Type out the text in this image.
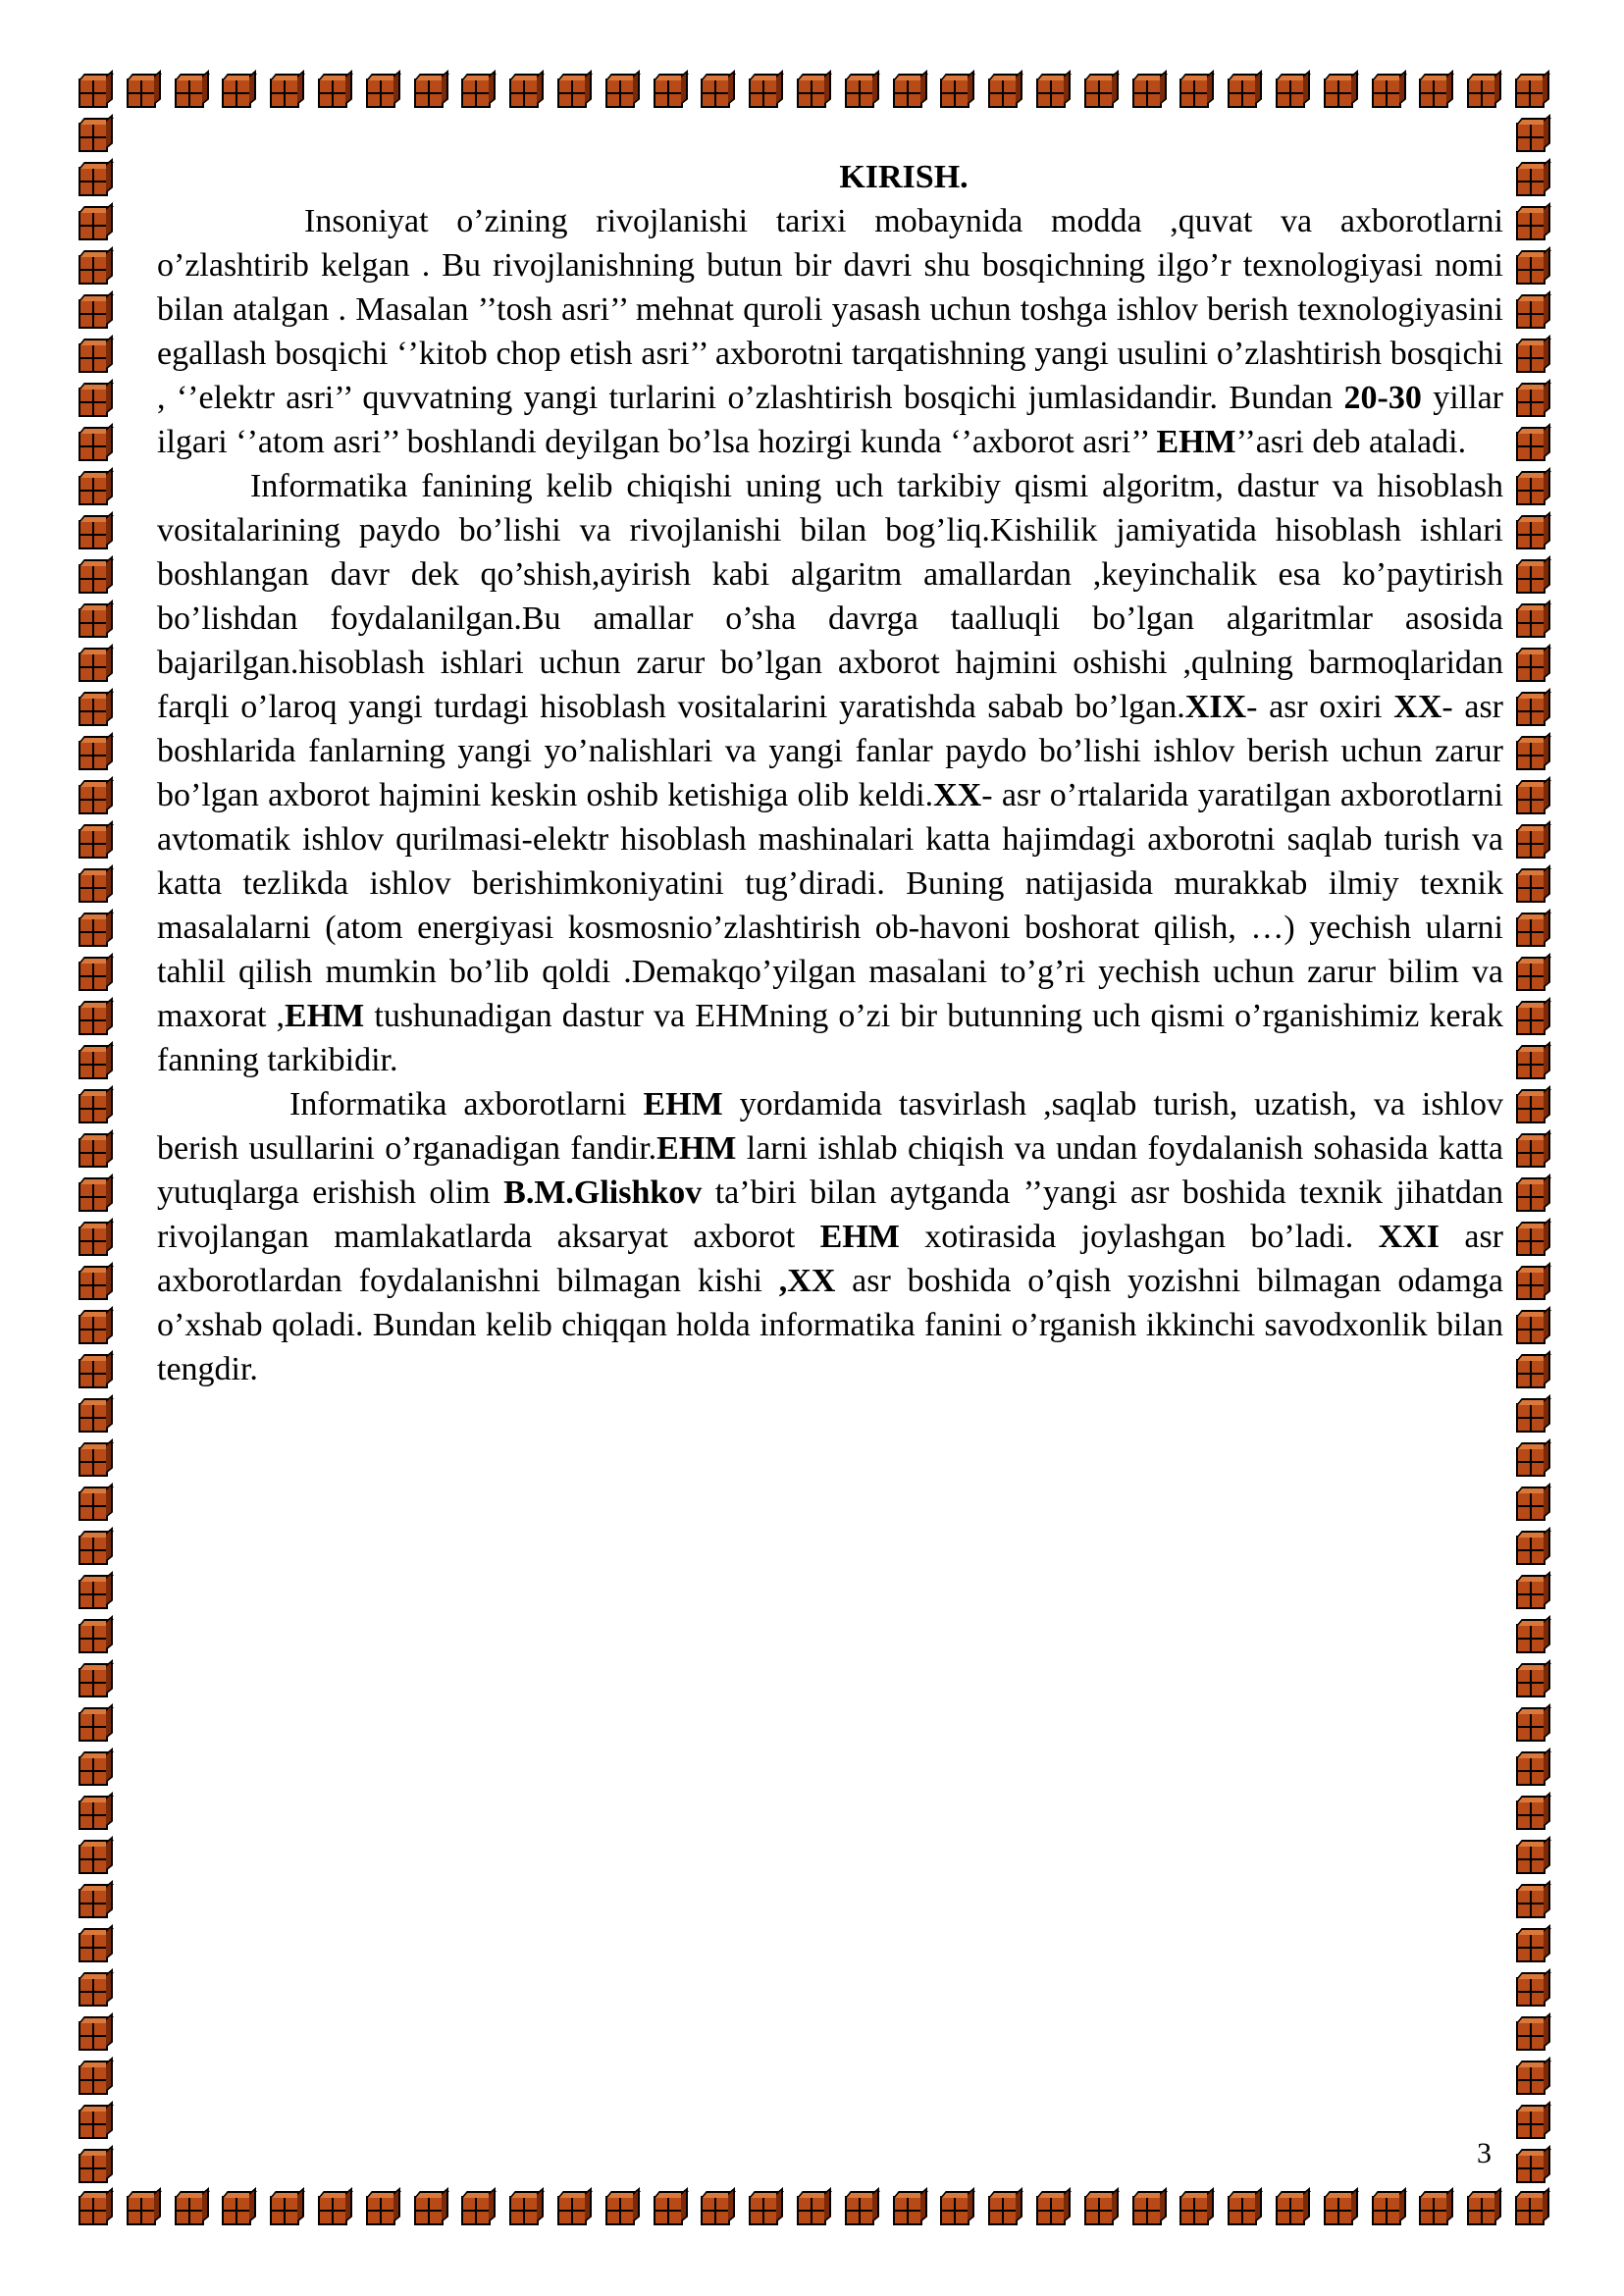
KIRISH.

Insoniyat o’zining rivojlanishi tarixi mobaynida modda ,quvat va axborotlarni o’zlashtirib kelgan . Bu rivojlanishning butun bir davri shu bosqichning ilgo’r texnologiyasi nomi bilan atalgan . Masalan ’’tosh asri’’ mehnat quroli yasash uchun toshga ishlov berish texnologiyasini egallash bosqichi ‘’kitob chop etish asri’’ axborotni tarqatishning yangi usulini o’zlashtirish bosqichi , ‘’elektr asri’’ quvvatning yangi turlarini o’zlashtirish bosqichi jumlasidandir. Bundan 20-30 yillar ilgari ‘’atom asri’’ boshlandi deyilgan bo’lsa hozirgi kunda ‘’axborot asri’’ EHM’’asri deb ataladi.

Informatika fanining kelib chiqishi uning uch tarkibiy qismi algoritm, dastur va hisoblash vositalarining paydo bo’lishi va rivojlanishi bilan bog’liq.Kishilik jamiyatida hisoblash ishlari boshlangan davr dek qo’shish,ayirish kabi algaritm amallardan ,keyinchalik esa ko’paytirish bo’lishdan foydalanilgan.Bu amallar o’sha davrga taalluqli bo’lgan algaritmlar asosida bajarilgan.hisoblash ishlari uchun zarur bo’lgan axborot hajmini oshishi ,qulning barmoqlaridan farqli o’laroq yangi turdagi hisoblash vositalarini yaratishda sabab bo’lgan.XIX- asr oxiri XX- asr boshlarida fanlarning yangi yo’nalishlari va yangi fanlar paydo bo’lishi ishlov berish uchun zarur bo’lgan axborot hajmini keskin oshib ketishiga olib keldi.XX- asr o’rtalarida yaratilgan axborotlarni avtomatik ishlov qurilmasi-elektr hisoblash mashinalari katta hajimdagi axborotni saqlab turish va katta tezlikda ishlov berishimkoniyatini tug’diradi. Buning natijasida murakkab ilmiy texnik masalalarni (atom energiyasi kosmosnio’zlashtirish ob-havoni boshorat qilish, …) yechish ularni tahlil qilish mumkin bo’lib qoldi .Demakqo’yilgan masalani to’g’ri yechish uchun zarur bilim va maxorat ,EHM tushunadigan dastur va EHMning o’zi bir butunning uch qismi o’rganishimiz kerak fanning tarkibidir.

Informatika axborotlarni EHM yordamida tasvirlash ,saqlab turish, uzatish, va ishlov berish usullarini o’rganadigan fandir.EHM larni ishlab chiqish va undan foydalanish sohasida katta yutuqlarga erishish olim B.M.Glishkov ta’biri bilan aytganda ’’yangi asr boshida texnik jihatdan rivojlangan mamlakatlarda aksaryat axborot EHM xotirasida joylashgan bo’ladi. XXI asr axborotlardan foydalanishni bilmagan kishi ,XX asr boshida o’qish yozishni bilmagan odamga o’xshab qoladi. Bundan kelib chiqqan holda informatika fanini o’rganish ikkinchi savodxonlik bilan tengdir.

3
